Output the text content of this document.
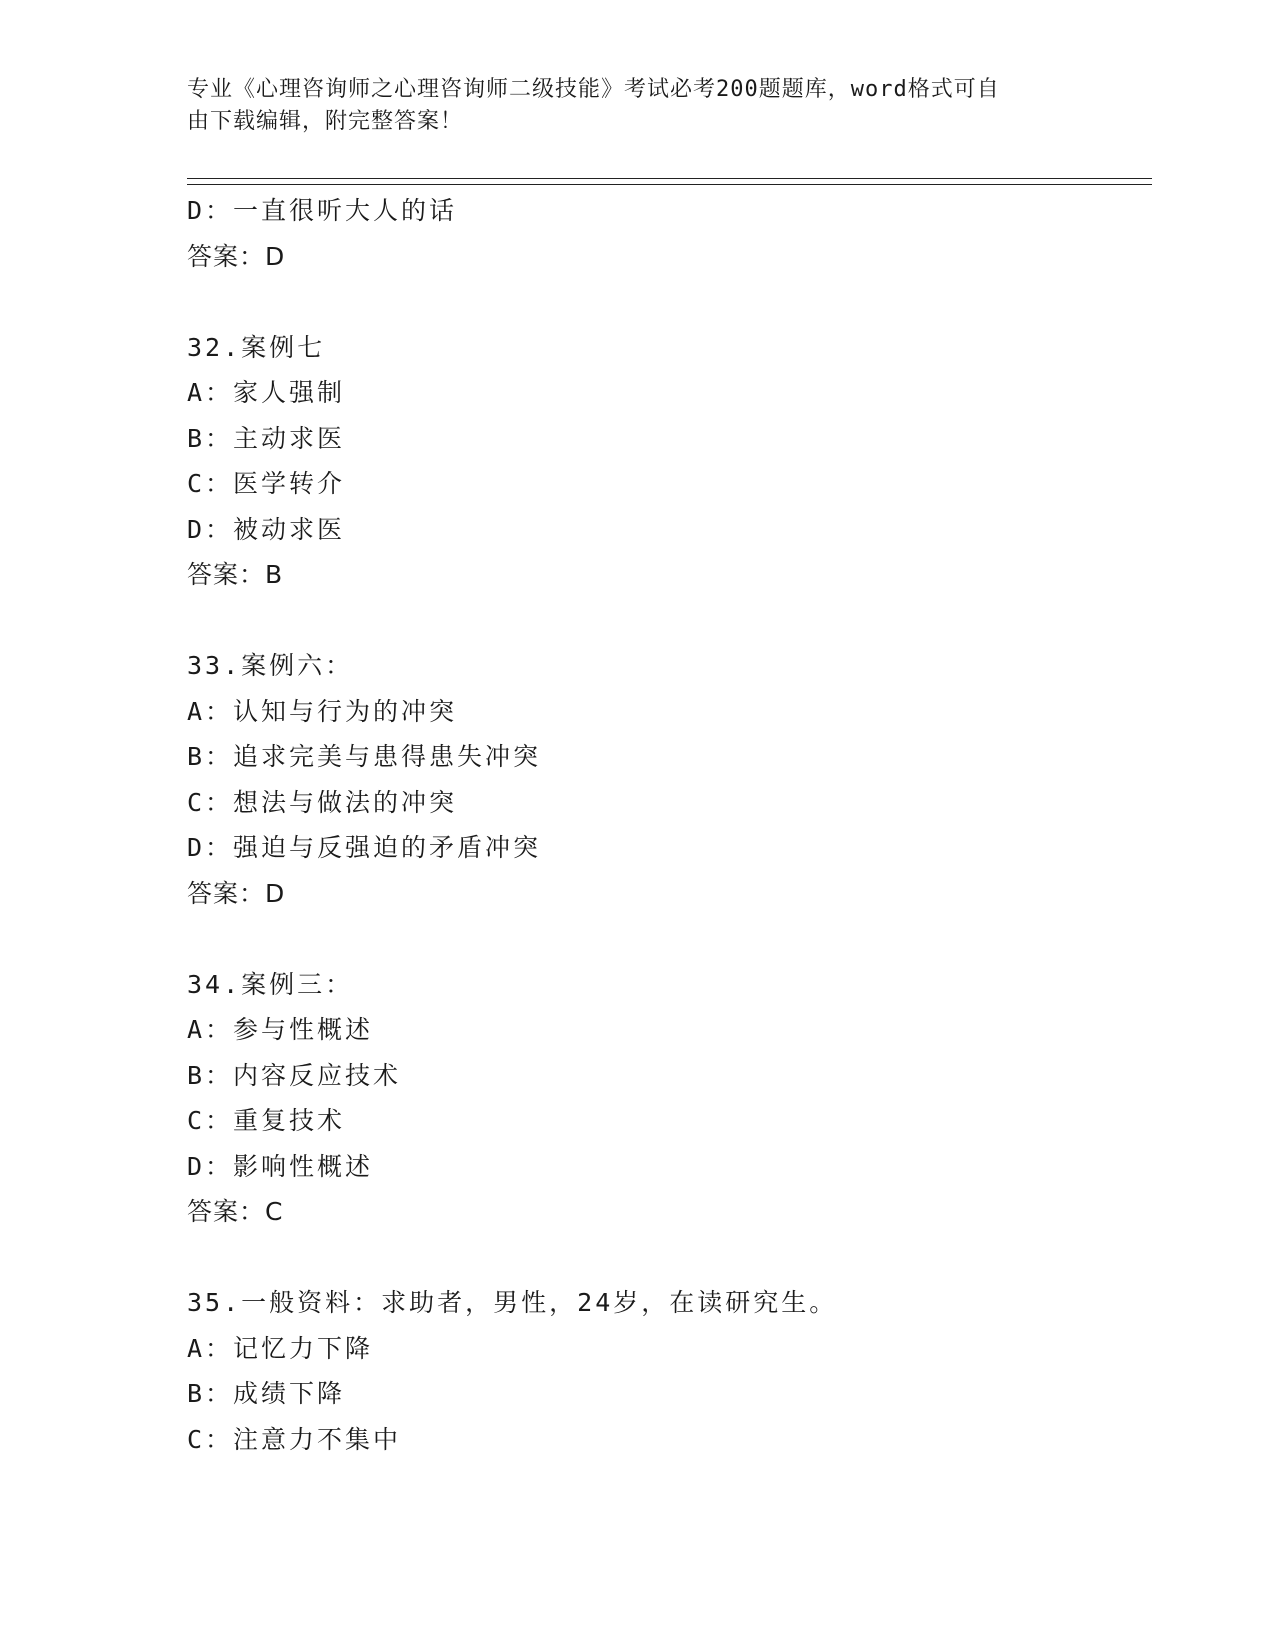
专业《心理咨询师之心理咨询师二级技能》考试必考200题题库，word格式可自
由下载编辑，附完整答案！
D：一直很听大人的话
答案：D
32.案例七
A：家人强制
B：主动求医
C：医学转介
D：被动求医
答案：B
33.案例六：
A：认知与行为的冲突
B：追求完美与患得患失冲突
C：想法与做法的冲突
D：强迫与反强迫的矛盾冲突
答案：D
34.案例三：
A：参与性概述
B：内容反应技术
C：重复技术
D：影响性概述
答案：C
35.一般资料：求助者，男性，24岁，在读研究生。
A：记忆力下降
B：成绩下降
C：注意力不集中
